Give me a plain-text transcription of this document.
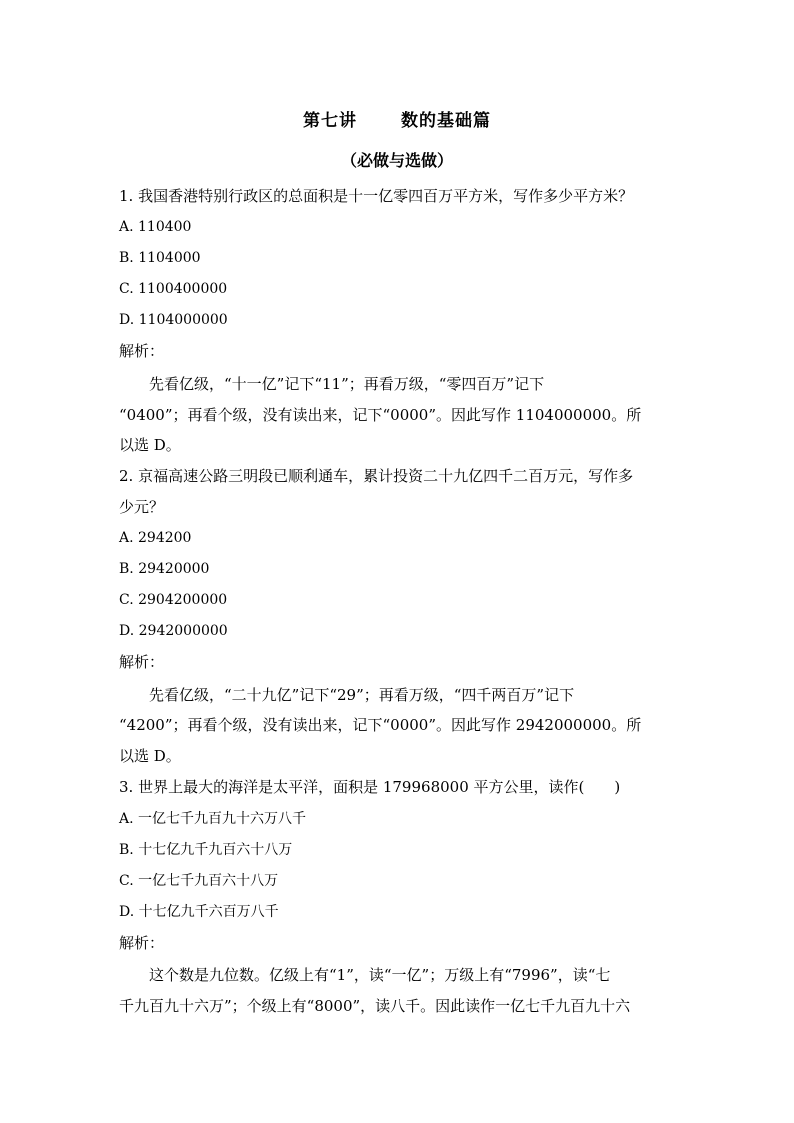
第七讲	数的基础篇
（必做与选做）
1. 我国香港特别行政区的总面积是十一亿零四百万平方米，写作多少平方米？
A. 110400
B. 1104000
C. 1100400000
D. 1104000000
解析：
先看亿级，“十一亿”记下“11”；再看万级，“零四百万”记下
“0400”；再看个级，没有读出来，记下“0000”。因此写作 1104000000。所
以选 D。
2. 京福高速公路三明段已顺利通车，累计投资二十九亿四千二百万元，写作多
少元？
A. 294200
B. 29420000
C. 2904200000
D. 2942000000
解析：
先看亿级，“二十九亿”记下“29”；再看万级，“四千两百万”记下
“4200”；再看个级，没有读出来，记下“0000”。因此写作 2942000000。所
以选 D。
3. 世界上最大的海洋是太平洋，面积是 179968000 平方公里，读作(　　)
A. 一亿七千九百九十六万八千
B. 十七亿九千九百六十八万
C. 一亿七千九百六十八万
D. 十七亿九千六百万八千
解析：
这个数是九位数。亿级上有“1”，读“一亿”；万级上有“7996”，读“七
千九百九十六万”；个级上有“8000”，读八千。因此读作一亿七千九百九十六
